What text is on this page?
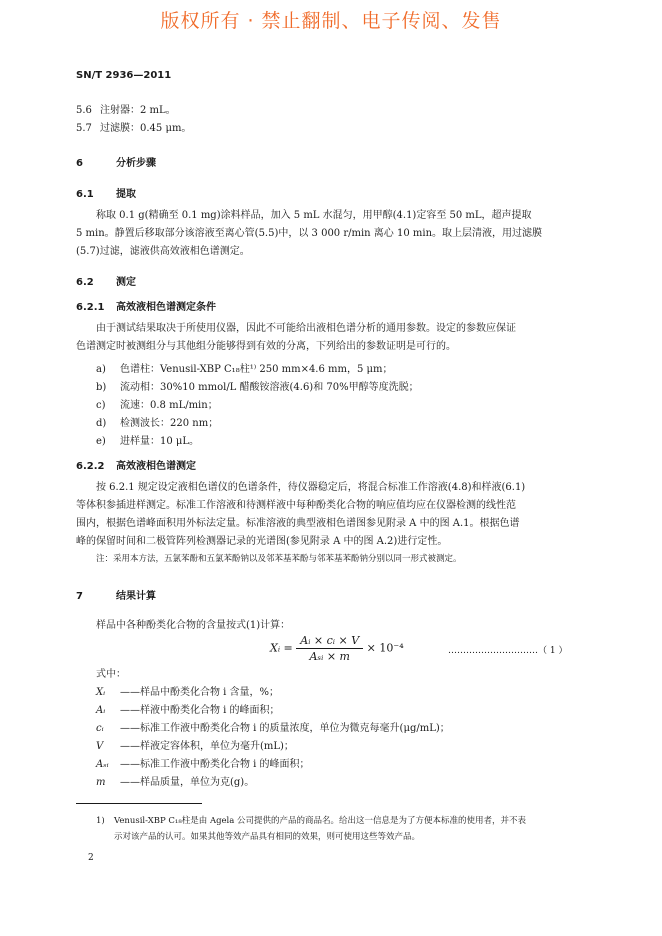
版权所有 · 禁止翻制、电子传阅、发售
SN/T 2936—2011
5.6 注射器：2 mL。
5.7 过滤膜：0.45 μm。
6	分析步骤
6.1 提取
称取 0.1 g(精确至 0.1 mg)涂料样品，加入 5 mL 水混匀，用甲醇(4.1)定容至 50 mL，超声提取
5 min。静置后移取部分该溶液至离心管(5.5)中，以 3 000 r/min 离心 10 min。取上层清液，用过滤膜
(5.7)过滤，滤液供高效液相色谱测定。
6.2 测定
6.2.1 高效液相色谱测定条件
由于测试结果取决于所使用仪器，因此不可能给出液相色谱分析的通用参数。设定的参数应保证
色谱测定时被测组分与其他组分能够得到有效的分离，下列给出的参数证明是可行的。
a) 色谱柱：Venusil-XBP C₁₈柱¹⁾ 250 mm×4.6 mm，5 μm；
b) 流动相：30%10 mmol/L 醋酸铵溶液(4.6)和 70%甲醇等度洗脱；
c) 流速：0.8 mL/min；
d) 检测波长：220 nm；
e) 进样量：10 μL。
6.2.2 高效液相色谱测定
按 6.2.1 规定设定液相色谱仪的色谱条件，待仪器稳定后，将混合标准工作溶液(4.8)和样液(6.1)
等体积参插进样测定。标准工作溶液和待测样液中每种酚类化合物的响应值均应在仪器检测的线性范
围内，根据色谱峰面积用外标法定量。标准溶液的典型液相色谱图参见附录 A 中的图 A.1。根据色谱
峰的保留时间和二极管阵列检测器记录的光谱图(参见附录 A 中的图 A.2)进行定性。
注：采用本方法，五氯苯酚和五氯苯酚钠以及邻苯基苯酚与邻苯基苯酚钠分别以同一形式被测定。
7	结果计算
样品中各种酚类化合物的含量按式(1)计算：
Xᵢ = $\frac{\text{Aᵢ × cᵢ × V}}{\text{Aₛᵢ × m}} \times 10^{-4}$	…………………………（ 1 ）
式中：
Xᵢ ——样品中酚类化合物 i 含量，%；
Aᵢ ——样液中酚类化合物 i 的峰面积；
cᵢ ——标准工作液中酚类化合物 i 的质量浓度，单位为微克每毫升(μg/mL)；
V ——样液定容体积，单位为毫升(mL)；
Aₛᵢ ——标准工作液中酚类化合物 i 的峰面积；
m ——样品质量，单位为克(g)。
1) Venusil-XBP C₁₈柱是由 Agela 公司提供的产品的商品名。给出这一信息是为了方便本标准的使用者，并不表
示对该产品的认可。如果其他等效产品具有相同的效果，则可使用这些等效产品。
2
